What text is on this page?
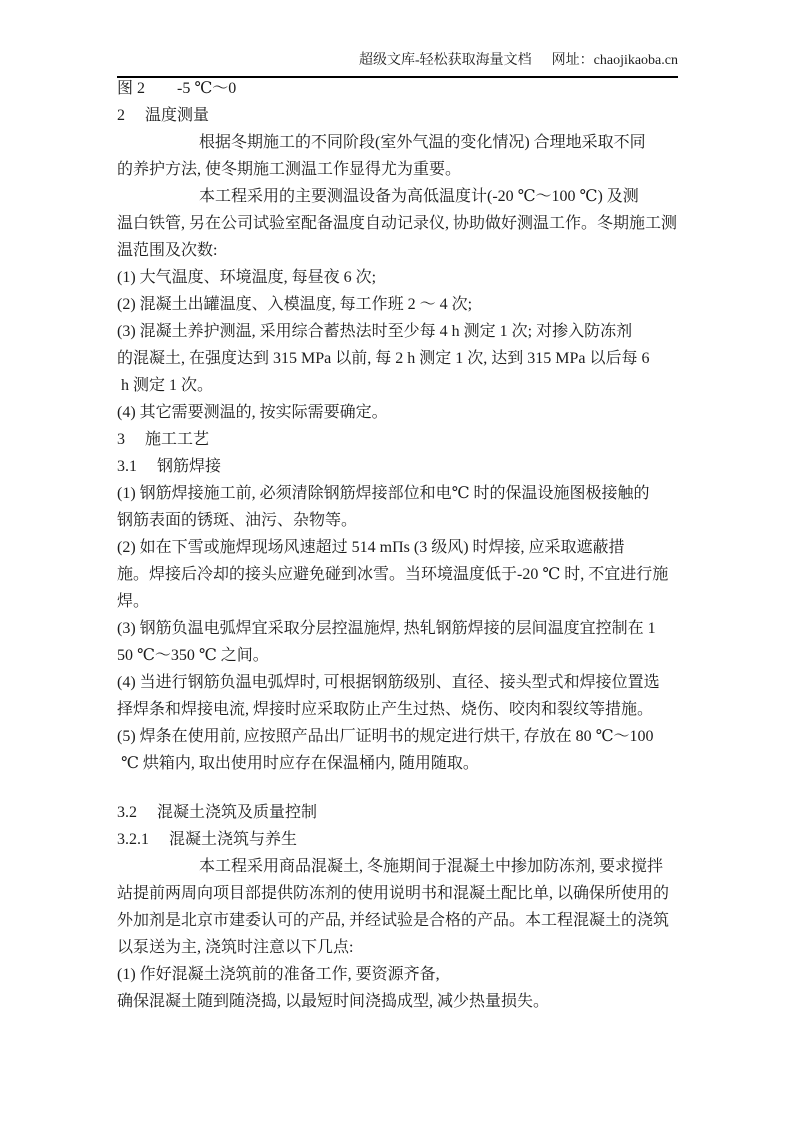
超级文库-轻松获取海量文档 网址：chaojikaoba.cn
图 2　　-5 ℃～0
2　 温度测量
根据冬期施工的不同阶段(室外气温的变化情况) 合理地采取不同
的养护方法, 使冬期施工测温工作显得尤为重要。
本工程采用的主要测温设备为高低温度计(-20 ℃～100 ℃) 及测
温白铁管, 另在公司试验室配备温度自动记录仪, 协助做好测温工作。冬期施工测
温范围及次数:
(1) 大气温度、环境温度, 每昼夜 6 次;
(2) 混凝土出罐温度、入模温度, 每工作班 2 ～ 4 次;
(3) 混凝土养护测温, 采用综合蓄热法时至少每 4 h 测定 1 次; 对掺入防冻剂
的混凝土, 在强度达到 315 MPa 以前, 每 2 h 测定 1 次, 达到 315 MPa 以后每 6
h 测定 1 次。
(4) 其它需要测温的, 按实际需要确定。
3　 施工工艺
3.1　 钢筋焊接
(1) 钢筋焊接施工前, 必须清除钢筋焊接部位和电℃ 时的保温设施图极接触的
钢筋表面的锈斑、油污、杂物等。
(2) 如在下雪或施焊现场风速超过 514 mΠs (3 级风) 时焊接, 应采取遮蔽措
施。焊接后冷却的接头应避免碰到冰雪。当环境温度低于-20 ℃ 时, 不宜进行施
焊。
(3) 钢筋负温电弧焊宜采取分层控温施焊, 热轧钢筋焊接的层间温度宜控制在 1
50 ℃～350 ℃ 之间。
(4) 当进行钢筋负温电弧焊时, 可根据钢筋级别、直径、接头型式和焊接位置选
择焊条和焊接电流, 焊接时应采取防止产生过热、烧伤、咬肉和裂纹等措施。
(5) 焊条在使用前, 应按照产品出厂证明书的规定进行烘干, 存放在 80 ℃～100
℃ 烘箱内, 取出使用时应存在保温桶内, 随用随取。
3.2　 混凝土浇筑及质量控制
3.2.1　 混凝土浇筑与养生
本工程采用商品混凝土, 冬施期间于混凝土中掺加防冻剂, 要求搅拌
站提前两周向项目部提供防冻剂的使用说明书和混凝土配比单, 以确保所使用的
外加剂是北京市建委认可的产品, 并经试验是合格的产品。本工程混凝土的浇筑
以泵送为主, 浇筑时注意以下几点:
(1) 作好混凝土浇筑前的准备工作, 要资源齐备,
确保混凝土随到随浇捣, 以最短时间浇捣成型, 减少热量损失。
